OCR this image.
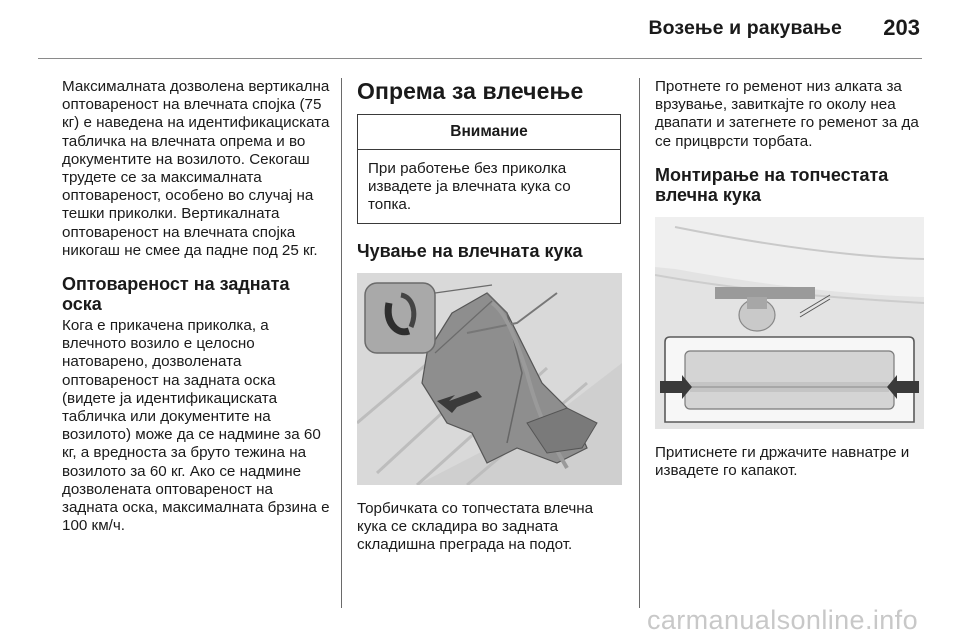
Возење и ракување 203

Максималната дозволена вертикална оптовареност на влечната спојка (75 кг) е наведена на идентификациската табличка на влечната опрема и во документите на возилото. Секогаш трудете се за максималната оптовареност, особено во случај на тешки приколки. Вертикалната оптовареност на влечната спојка никогаш не смее да падне под 25 кг.

Оптовареност на задната оска

Кога е прикачена приколка, а влечното возило е целосно натоварено, дозволената оптовареност на задната оска (видете ја идентификациската табличка или документите на возилото) може да се надмине за 60 кг, а вредноста за бруто тежина на возилото за 60 кг. Ако се надмине дозволената оптовареност на задната оска, максималната брзина е 100 км/ч.

Опрема за влечење
Внимание
При работење без приколка извадете ја влечната кука со топка.
Чување на влечната кука

Торбичката со топчестата влечна кука се складира во задната складишна преграда на подот.

Протнете го ременот низ алката за врзување, завиткајте го околу неа двапати и затегнете го ременот за да се прицврсти торбата.

Монтирање на топчестата влечна кука

Притиснете ги држачите навнатре и извадете го капакот.

carmanualsonline.info
